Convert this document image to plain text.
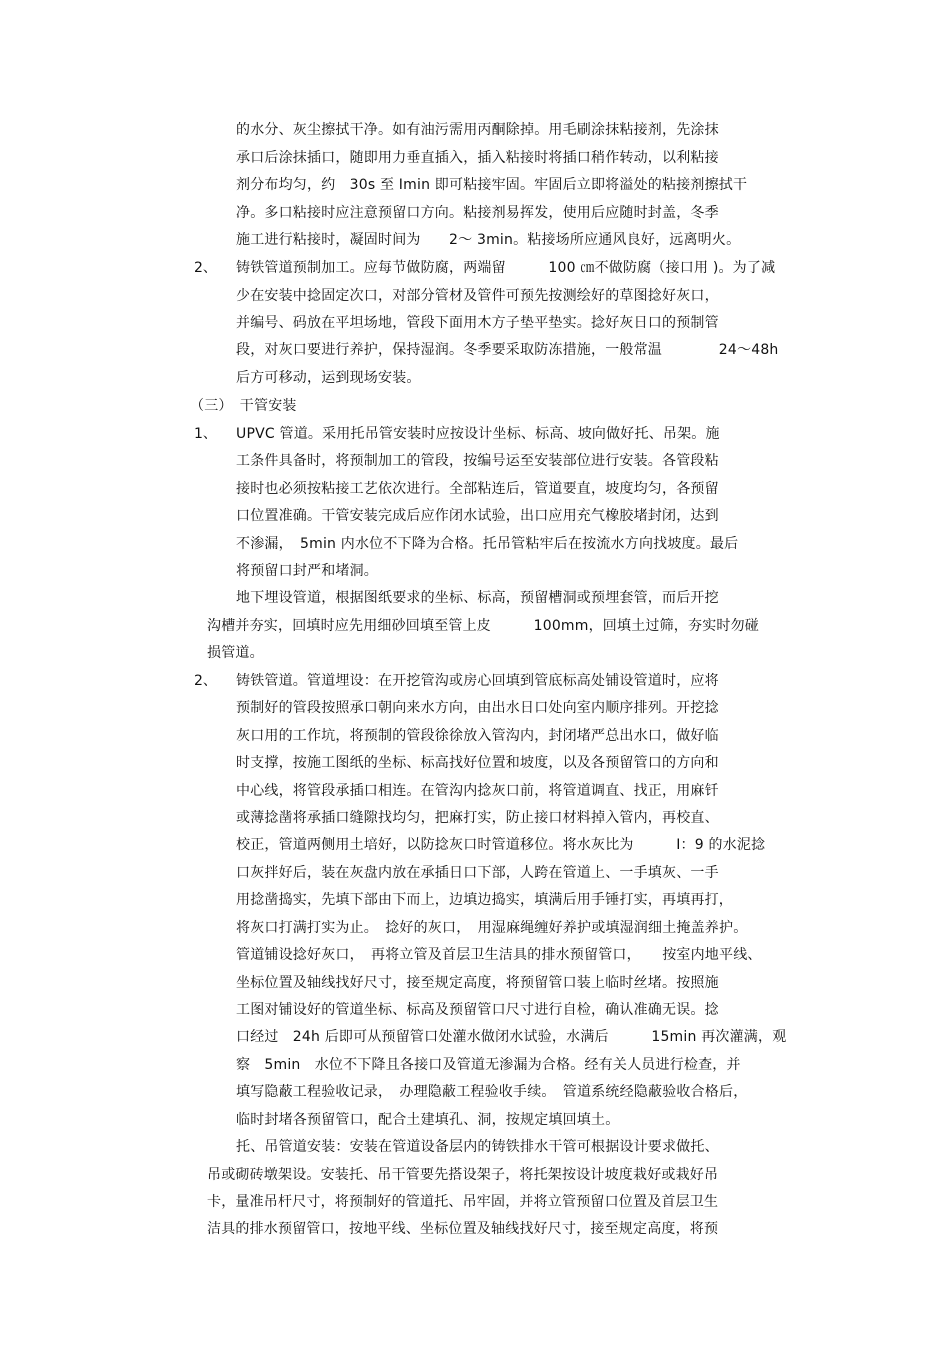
的水分、灰尘擦拭干净。如有油污需用丙酮除掉。用毛刷涂抹粘接剂，先涂抹
承口后涂抹插口，随即用力垂直插入，插入粘接时将插口稍作转动，以利粘接
剂分布均匀，约　30s 至 Imin 即可粘接牢固。牢固后立即将溢处的粘接剂擦拭干
净。多口粘接时应注意预留口方向。粘接剂易挥发，使用后应随时封盖，冬季
施工进行粘接时，凝固时间为　　2～ 3min。粘接场所应通风良好，远离明火。
2、 铸铁管道预制加工。应每节做防腐，两端留　　　100 ㎝不做防腐（接口用 )。为了减
少在安装中捻固定次口，对部分管材及管件可预先按测绘好的草图捻好灰口，
并编号、码放在平坦场地，管段下面用木方子垫平垫实。捻好灰日口的预制管
段，对灰口要进行养护，保持湿润。冬季要采取防冻措施，一般常温　　　　24～48h
后方可移动，运到现场安装。
（三）　干管安装
1、 UPVC 管道。采用托吊管安装时应按设计坐标、标高、坡向做好托、吊架。施
工条件具备时，将预制加工的管段，按编号运至安装部位进行安装。各管段粘
接时也必须按粘接工艺依次进行。全部粘连后，管道要直，坡度均匀，各预留
口位置准确。干管安装完成后应作闭水试验，出口应用充气橡胶堵封闭，达到
不渗漏，　5min 内水位不下降为合格。托吊管粘牢后在按流水方向找坡度。最后
将预留口封严和堵洞。
地下埋设管道，根据图纸要求的坐标、标高，预留槽洞或预埋套管，而后开挖
沟槽并夯实，回填时应先用细砂回填至管上皮　　　100mm，回填土过筛，夯实时勿碰
损管道。
2、 铸铁管道。管道埋设：在开挖管沟或房心回填到管底标高处铺设管道时，应将
预制好的管段按照承口朝向来水方向，由出水日口处向室内顺序排列。开挖捻
灰口用的工作坑，将预制的管段徐徐放入管沟内，封闭堵严总出水口，做好临
时支撑，按施工图纸的坐标、标高找好位置和坡度，以及各预留管口的方向和
中心线，将管段承插口相连。在管沟内捻灰口前，将管道调直、找正，用麻钎
或薄捻凿将承插口缝隙找均匀，把麻打实，防止接口材料掉入管内，再校直、
校正，管道两侧用土培好，以防捻灰口时管道移位。将水灰比为　　　I：9 的水泥捻
口灰拌好后，装在灰盘内放在承插日口下部，人跨在管道上、一手填灰、一手
用捻凿捣实，先填下部由下而上，边填边捣实，填满后用手锤打实，再填再打，
将灰口打满打实为止。　捻好的灰口，　用湿麻绳缠好养护或填湿润细土掩盖养护。
管道铺设捻好灰口，　再将立管及首层卫生洁具的排水预留管口，　　按室内地平线、
坐标位置及轴线找好尺寸，接至规定高度，将预留管口装上临时丝堵。按照施
工图对铺设好的管道坐标、标高及预留管口尺寸进行自检，确认准确无误。捻
口经过　24h 后即可从预留管口处灌水做闭水试验，水满后　　　15min 再次灌满，观
察　5min　水位不下降且各接口及管道无渗漏为合格。经有关人员进行检查，并
填写隐蔽工程验收记录，　办理隐蔽工程验收手续。　管道系统经隐蔽验收合格后，
临时封堵各预留管口，配合土建填孔、洞，按规定填回填土。
托、吊管道安装：安装在管道设备层内的铸铁排水干管可根据设计要求做托、
吊或砌砖墩架设。安装托、吊干管要先搭设架子，将托架按设计坡度栽好或栽好吊
卡，量准吊杆尺寸，将预制好的管道托、吊牢固，并将立管预留口位置及首层卫生
洁具的排水预留管口，按地平线、坐标位置及轴线找好尺寸，接至规定高度，将预
